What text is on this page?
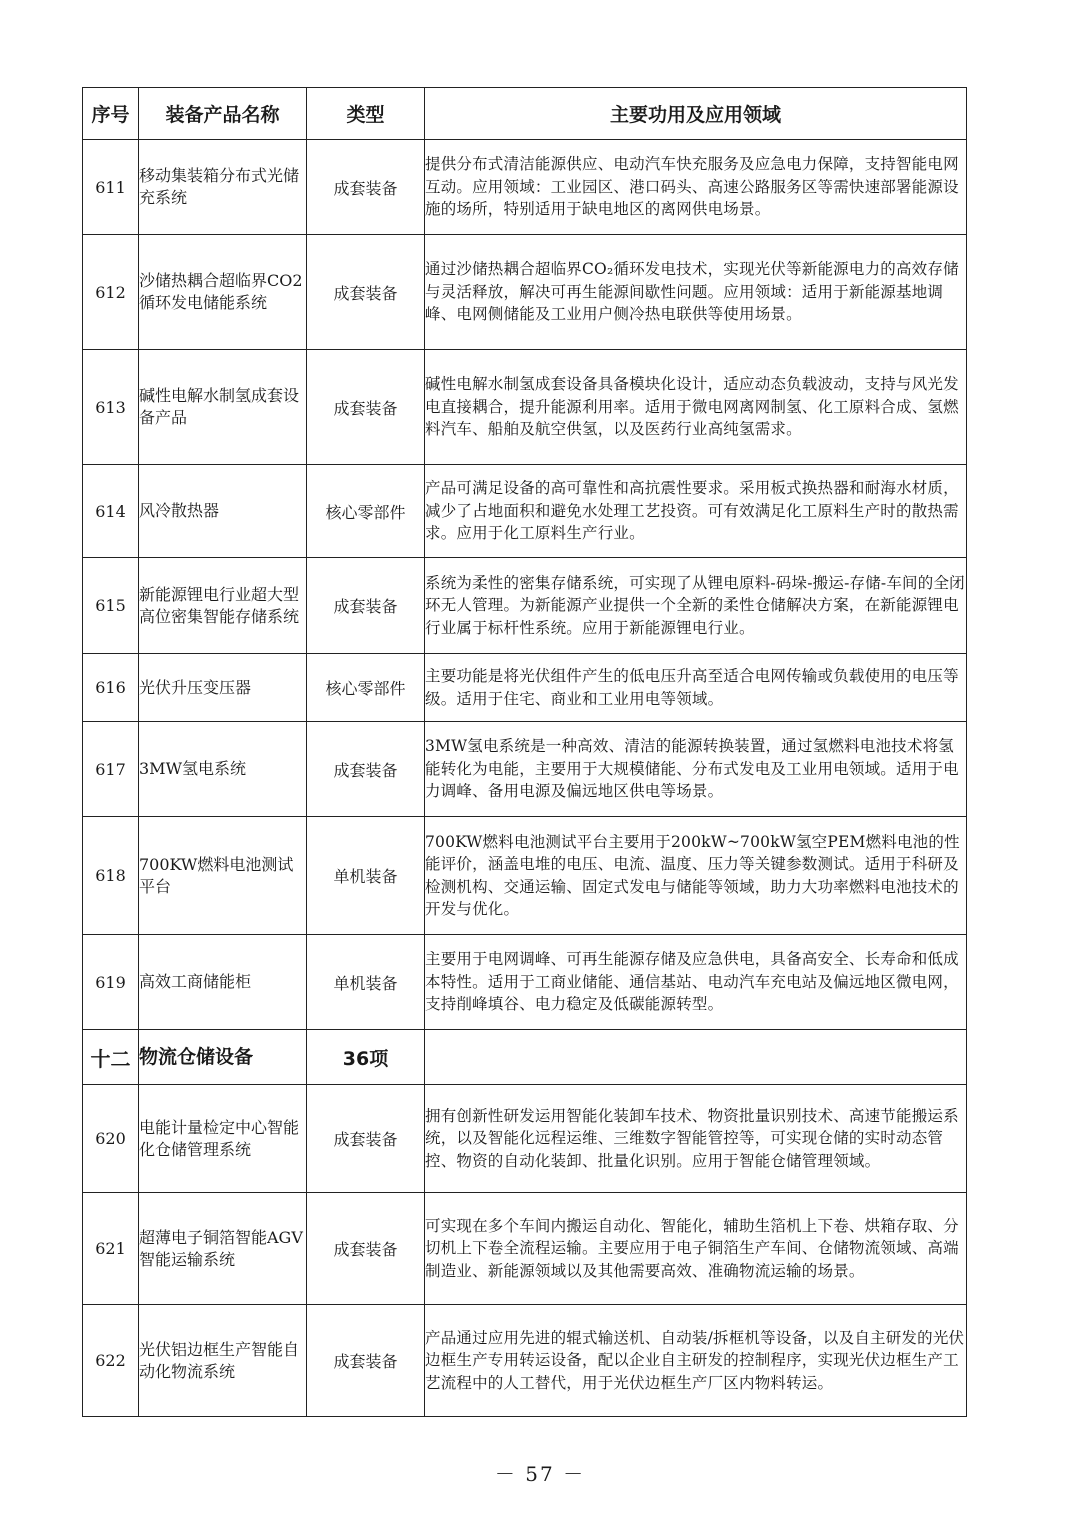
序号	装备产品名称	类型	主要功用及应用领域
611	移动集装箱分布式光储充系统	成套装备	提供分布式清洁能源供应、电动汽车快充服务及应急电力保障，支持智能电网互动。应用领域：工业园区、港口码头、高速公路服务区等需快速部署能源设施的场所，特别适用于缺电地区的离网供电场景。
612	沙储热耦合超临界CO2循环发电储能系统	成套装备	通过沙储热耦合超临界CO₂循环发电技术，实现光伏等新能源电力的高效存储与灵活释放，解决可再生能源间歇性问题。应用领域：适用于新能源基地调峰、电网侧储能及工业用户侧冷热电联供等使用场景。
613	碱性电解水制氢成套设备产品	成套装备	碱性电解水制氢成套设备具备模块化设计，适应动态负载波动，支持与风光发电直接耦合，提升能源利用率。适用于微电网离网制氢、化工原料合成、氢燃料汽车、船舶及航空供氢，以及医药行业高纯氢需求。
614	风冷散热器	核心零部件	产品可满足设备的高可靠性和高抗震性要求。采用板式换热器和耐海水材质，减少了占地面积和避免水处理工艺投资。可有效满足化工原料生产时的散热需求。应用于化工原料生产行业。
615	新能源锂电行业超大型高位密集智能存储系统	成套装备	系统为柔性的密集存储系统，可实现了从锂电原料-码垛-搬运-存储-车间的全闭环无人管理。为新能源产业提供一个全新的柔性仓储解决方案，在新能源锂电行业属于标杆性系统。应用于新能源锂电行业。
616	光伏升压变压器	核心零部件	主要功能是将光伏组件产生的低电压升高至适合电网传输或负载使用的电压等级。适用于住宅、商业和工业用电等领域。
617	3MW氢电系统	成套装备	3MW氢电系统是一种高效、清洁的能源转换装置，通过氢燃料电池技术将氢能转化为电能，主要用于大规模储能、分布式发电及工业用电领域。适用于电力调峰、备用电源及偏远地区供电等场景。
618	700KW燃料电池测试平台	单机装备	700KW燃料电池测试平台主要用于200kW~700kW氢空PEM燃料电池的性能评价，涵盖电堆的电压、电流、温度、压力等关键参数测试。适用于科研及检测机构、交通运输、固定式发电与储能等领域，助力大功率燃料电池技术的开发与优化。
619	高效工商储能柜	单机装备	主要用于电网调峰、可再生能源存储及应急供电，具备高安全、长寿命和低成本特性。适用于工商业储能、通信基站、电动汽车充电站及偏远地区微电网，支持削峰填谷、电力稳定及低碳能源转型。
十二	物流仓储设备	36项	
620	电能计量检定中心智能化仓储管理系统	成套装备	拥有创新性研发运用智能化装卸车技术、物资批量识别技术、高速节能搬运系统，以及智能化远程运维、三维数字智能管控等，可实现仓储的实时动态管控、物资的自动化装卸、批量化识别。应用于智能仓储管理领域。
621	超薄电子铜箔智能AGV智能运输系统	成套装备	可实现在多个车间内搬运自动化、智能化，辅助生箔机上下卷、烘箱存取、分切机上下卷全流程运输。主要应用于电子铜箔生产车间、仓储物流领域、高端制造业、新能源领域以及其他需要高效、准确物流运输的场景。
622	光伏铝边框生产智能自动化物流系统	成套装备	产品通过应用先进的辊式输送机、自动装/拆框机等设备，以及自主研发的光伏边框生产专用转运设备，配以企业自主研发的控制程序，实现光伏边框生产工艺流程中的人工替代，用于光伏边框生产厂区内物料转运。
－ 57 －
